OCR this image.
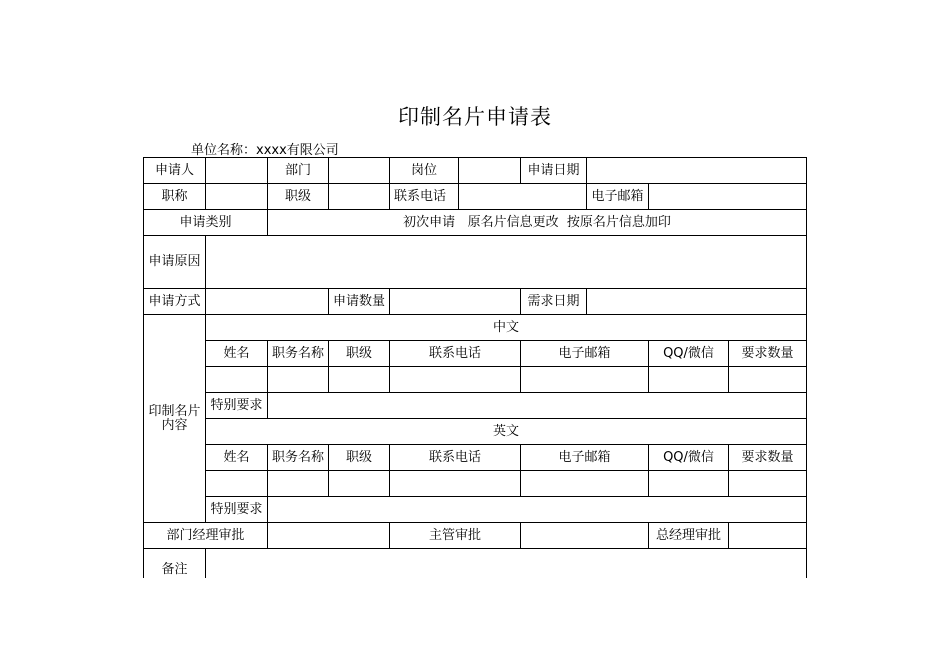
印制名片申请表
单位名称：xxxx有限公司
申请人		部门		岗位		申请日期			
职称		职级		联系电话			电子邮箱		
申请类别		初次申请   原名片信息更改  按原名片信息加印							
申请原因									
申请方式			申请数量			需求日期			
印制名片内容	中文								
	姓名	职务名称	职级	联系电话		电子邮箱		QQ/微信	要求数量

	特别要求								
	英文								
	姓名	职务名称	职级	联系电话		电子邮箱		QQ/微信	要求数量

	特别要求								
部门经理审批				主管审批				总经理审批	
备注									
